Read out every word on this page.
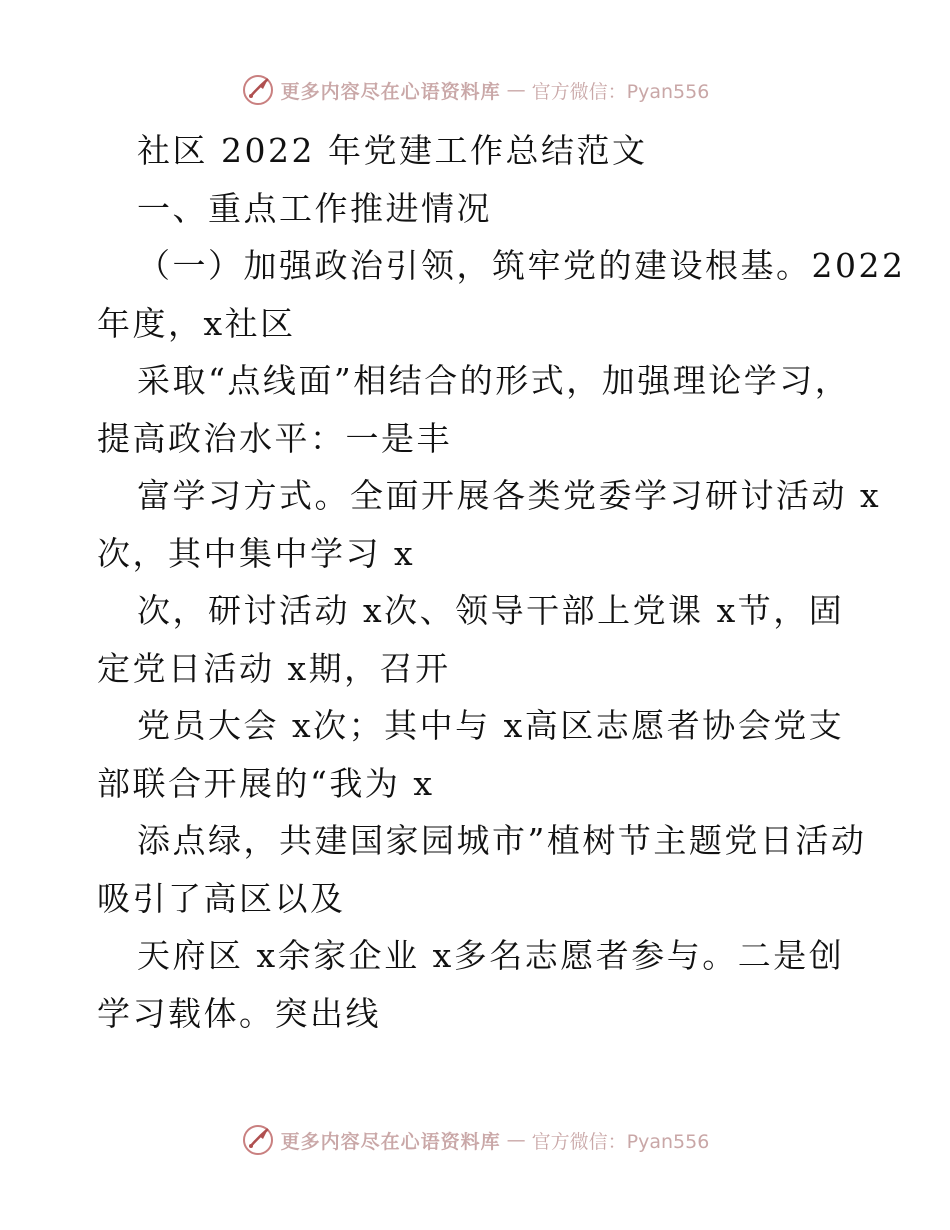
更多内容尽在心语资料库 — 官方微信：Pyan556
社区 2022 年党建工作总结范文
一、重点工作推进情况
（一）加强政治引领，筑牢党的建设根基。2022
年度，x社区
采取“点线面”相结合的形式，加强理论学习，
提高政治水平：一是丰
富学习方式。全面开展各类党委学习研讨活动 x
次，其中集中学习 x
次，研讨活动 x次、领导干部上党课 x节，固
定党日活动 x期，召开
党员大会 x次；其中与 x高区志愿者协会党支
部联合开展的“我为 x
添点绿，共建国家园城市”植树节主题党日活动
吸引了高区以及
天府区 x余家企业 x多名志愿者参与。二是创
学习载体。突出线
更多内容尽在心语资料库 — 官方微信：Pyan556
